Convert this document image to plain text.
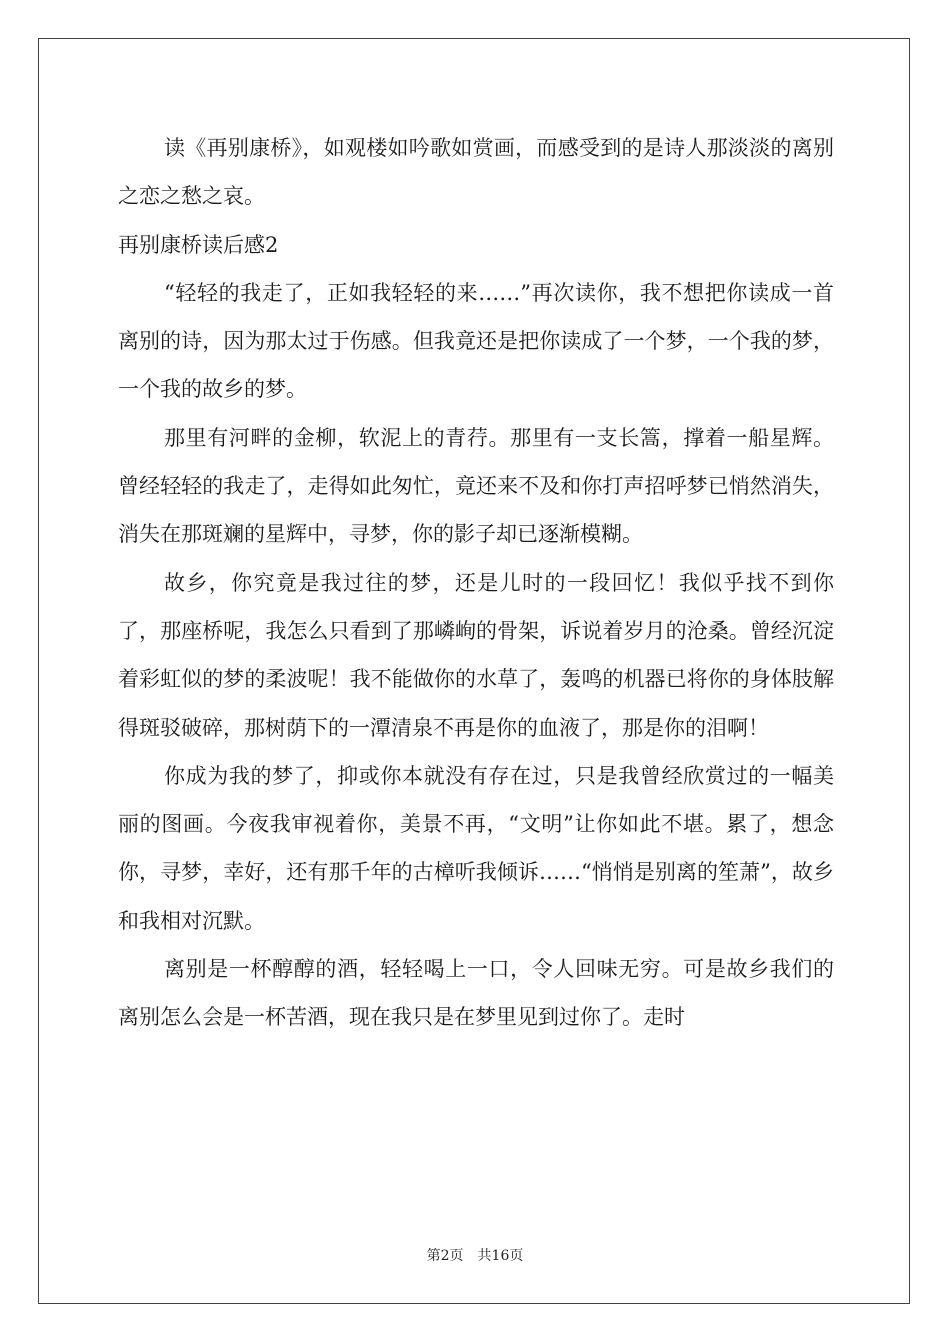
读《再别康桥》，如观楼如吟歌如赏画，而感受到的是诗人那淡淡的离别之恋之愁之哀。

再别康桥读后感2

“轻轻的我走了，正如我轻轻的来……”再次读你，我不想把你读成一首离别的诗，因为那太过于伤感。但我竟还是把你读成了一个梦，一个我的梦，一个我的故乡的梦。

那里有河畔的金柳，软泥上的青荇。那里有一支长篙，撑着一船星辉。曾经轻轻的我走了，走得如此匆忙，竟还来不及和你打声招呼梦已悄然消失，消失在那斑斓的星辉中，寻梦，你的影子却已逐渐模糊。

故乡，你究竟是我过往的梦，还是儿时的一段回忆！我似乎找不到你了，那座桥呢，我怎么只看到了那嶙峋的骨架，诉说着岁月的沧桑。曾经沉淀着彩虹似的梦的柔波呢！我不能做你的水草了，轰鸣的机器已将你的身体肢解得斑驳破碎，那树荫下的一潭清泉不再是你的血液了，那是你的泪啊！

你成为我的梦了，抑或你本就没有存在过，只是我曾经欣赏过的一幅美丽的图画。今夜我审视着你，美景不再，“文明”让你如此不堪。累了，想念你，寻梦，幸好，还有那千年的古樟听我倾诉……“悄悄是别离的笙萧”，故乡和我相对沉默。

离别是一杯醇醇的酒，轻轻喝上一口，令人回味无穷。可是故乡我们的离别怎么会是一杯苦酒，现在我只是在梦里见到过你了。走时

第2页 共16页
